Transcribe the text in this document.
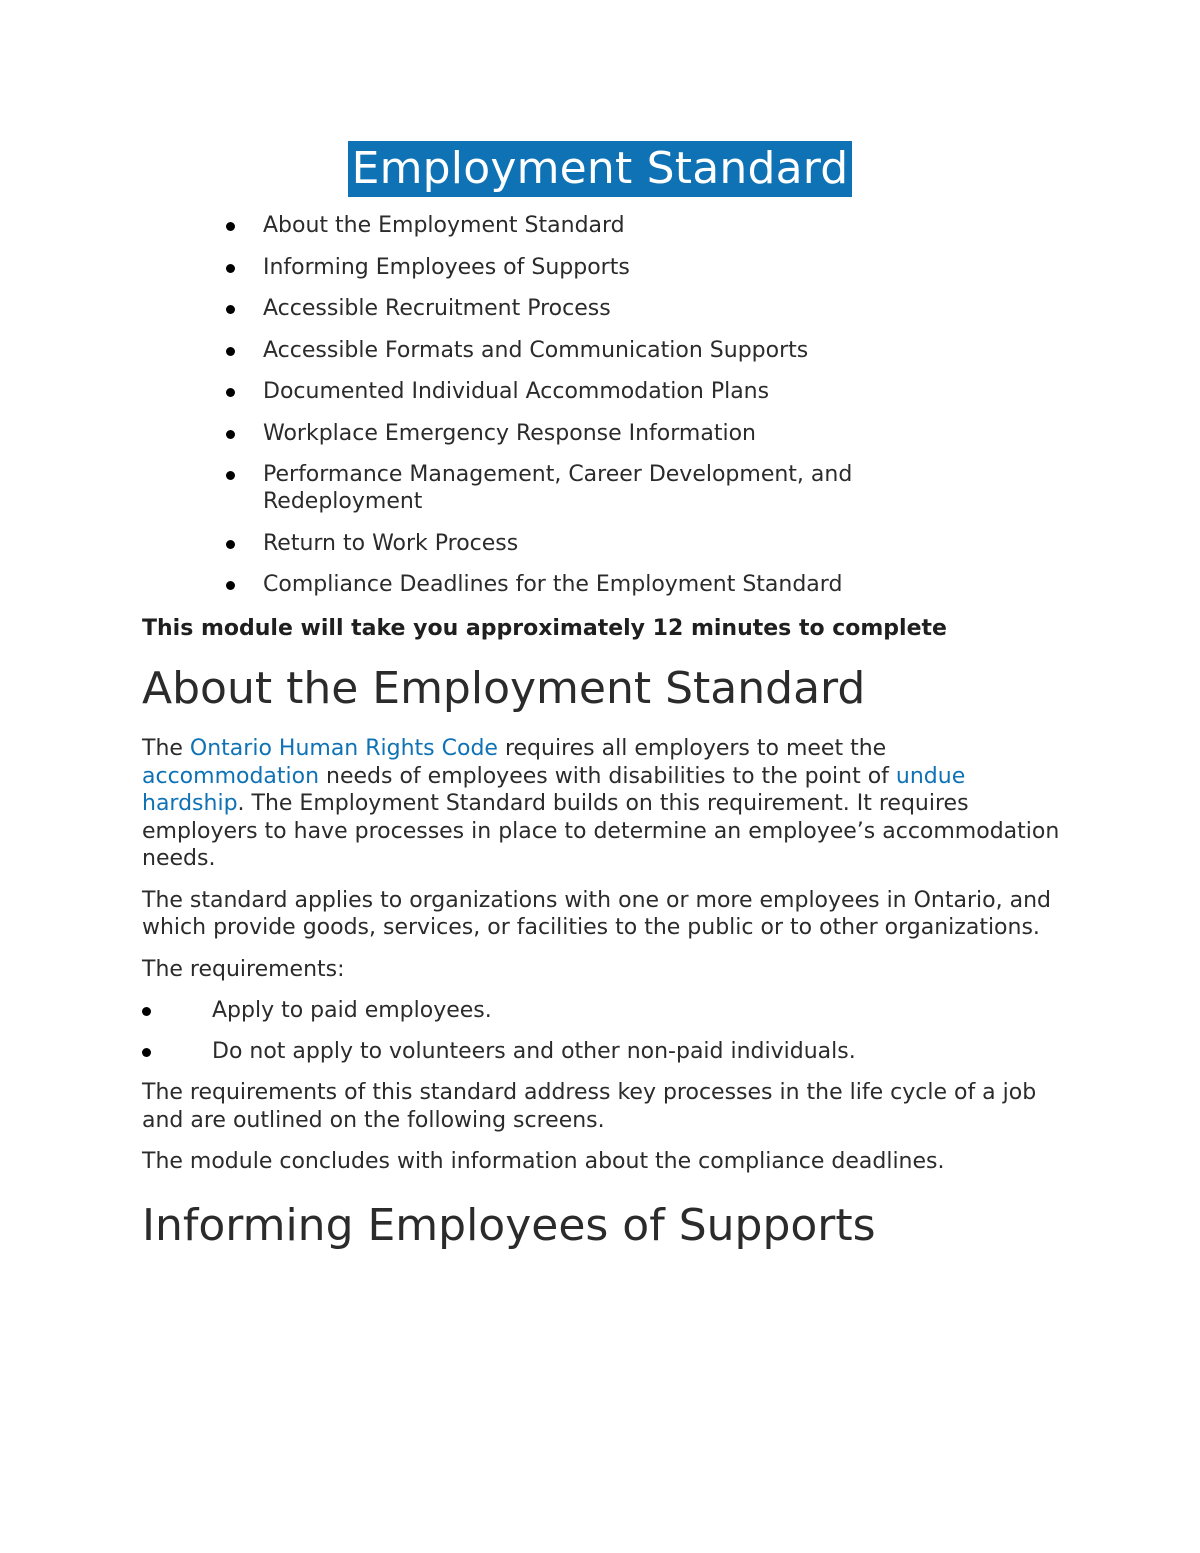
Employment Standard
About the Employment Standard
Informing Employees of Supports
Accessible Recruitment Process
Accessible Formats and Communication Supports
Documented Individual Accommodation Plans
Workplace Emergency Response Information
Performance Management, Career Development, and Redeployment
Return to Work Process
Compliance Deadlines for the Employment Standard
This module will take you approximately 12 minutes to complete
About the Employment Standard

The Ontario Human Rights Code requires all employers to meet the accommodation needs of employees with disabilities to the point of undue hardship. The Employment Standard builds on this requirement. It requires employers to have processes in place to determine an employee’s accommodation needs.

The standard applies to organizations with one or more employees in Ontario, and which provide goods, services, or facilities to the public or to other organizations.

The requirements:

Apply to paid employees.
Do not apply to volunteers and other non-paid individuals.

The requirements of this standard address key processes in the life cycle of a job and are outlined on the following screens.

The module concludes with information about the compliance deadlines.

Informing Employees of Supports
